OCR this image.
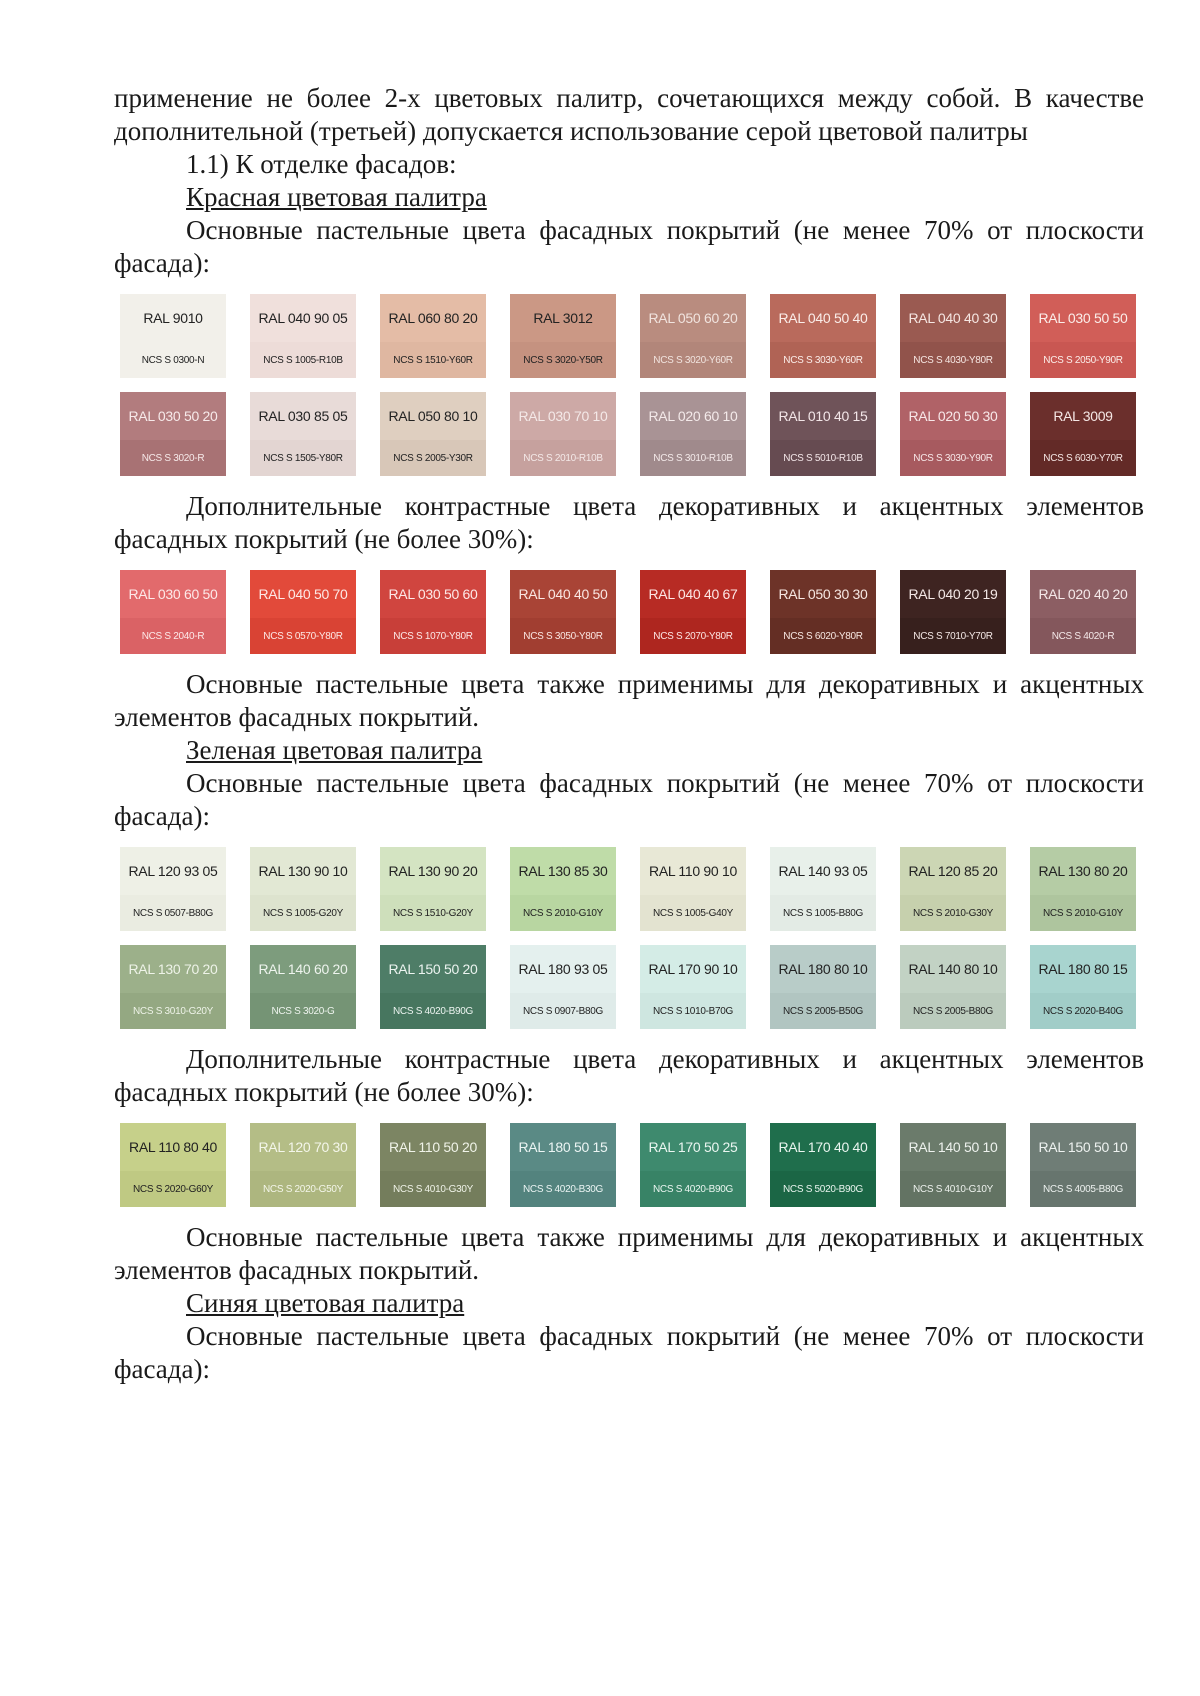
применение не более 2-х цветовых палитр, сочетающихся между собой. В качестве дополнительной (третьей) допускается использование серой цветовой палитры

1.1) К отделке фасадов:

Красная цветовая палитра

Основные пастельные цвета фасадных покрытий (не менее 70% от плоскости фасада):

RAL 9010
NCS S 0300-N
RAL 040 90 05
NCS S 1005-R10B
RAL 060 80 20
NCS S 1510-Y60R
RAL 3012
NCS S 3020-Y50R
RAL 050 60 20
NCS S 3020-Y60R
RAL 040 50 40
NCS S 3030-Y60R
RAL 040 40 30
NCS S 4030-Y80R
RAL 030 50 50
NCS S 2050-Y90R
RAL 030 50 20
NCS S 3020-R
RAL 030 85 05
NCS S 1505-Y80R
RAL 050 80 10
NCS S 2005-Y30R
RAL 030 70 10
NCS S 2010-R10B
RAL 020 60 10
NCS S 3010-R10B
RAL 010 40 15
NCS S 5010-R10B
RAL 020 50 30
NCS S 3030-Y90R
RAL 3009
NCS S 6030-Y70R

Дополнительные контрастные цвета декоративных и акцентных элементов фасадных покрытий (не более 30%):

RAL 030 60 50
NCS S 2040-R
RAL 040 50 70
NCS S 0570-Y80R
RAL 030 50 60
NCS S 1070-Y80R
RAL 040 40 50
NCS S 3050-Y80R
RAL 040 40 67
NCS S 2070-Y80R
RAL 050 30 30
NCS S 6020-Y80R
RAL 040 20 19
NCS S 7010-Y70R
RAL 020 40 20
NCS S 4020-R

Основные пастельные цвета также применимы для декоративных и акцентных элементов фасадных покрытий.

Зеленая цветовая палитра

Основные пастельные цвета фасадных покрытий (не менее 70% от плоскости фасада):

RAL 120 93 05
NCS S 0507-B80G
RAL 130 90 10
NCS S 1005-G20Y
RAL 130 90 20
NCS S 1510-G20Y
RAL 130 85 30
NCS S 2010-G10Y
RAL 110 90 10
NCS S 1005-G40Y
RAL 140 93 05
NCS S 1005-B80G
RAL 120 85 20
NCS S 2010-G30Y
RAL 130 80 20
NCS S 2010-G10Y
RAL 130 70 20
NCS S 3010-G20Y
RAL 140 60 20
NCS S 3020-G
RAL 150 50 20
NCS S 4020-B90G
RAL 180 93 05
NCS S 0907-B80G
RAL 170 90 10
NCS S 1010-B70G
RAL 180 80 10
NCS S 2005-B50G
RAL 140 80 10
NCS S 2005-B80G
RAL 180 80 15
NCS S 2020-B40G

Дополнительные контрастные цвета декоративных и акцентных элементов фасадных покрытий (не более 30%):

RAL 110 80 40
NCS S 2020-G60Y
RAL 120 70 30
NCS S 2020-G50Y
RAL 110 50 20
NCS S 4010-G30Y
RAL 180 50 15
NCS S 4020-B30G
RAL 170 50 25
NCS S 4020-B90G
RAL 170 40 40
NCS S 5020-B90G
RAL 140 50 10
NCS S 4010-G10Y
RAL 150 50 10
NCS S 4005-B80G

Основные пастельные цвета также применимы для декоративных и акцентных элементов фасадных покрытий.

Синяя цветовая палитра

Основные пастельные цвета фасадных покрытий (не менее 70% от плоскости фасада):
